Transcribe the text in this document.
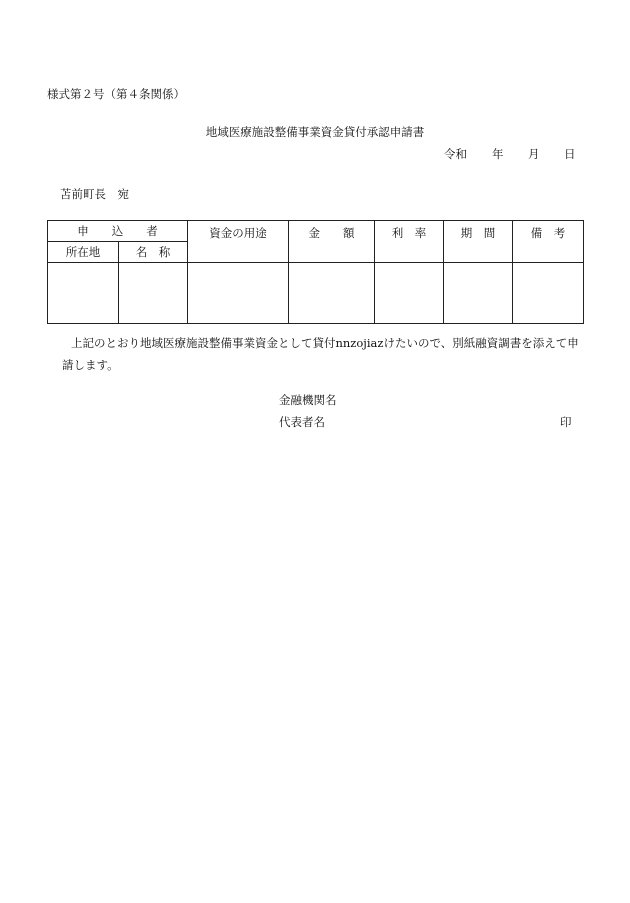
様式第２号（第４条関係）
地域医療施設整備事業資金貸付承認申請書
令和 年 月 日
苫前町長　宛
申　　込　　者		資金の用途	金　　額	利　率	期　間	備　考
所在地	名　称					

上記のとおり地域医療施設整備事業資金として貸付nnzojiazけたいので、別紙融資調書を添えて申
請します。
金融機関名
代表者名	印
